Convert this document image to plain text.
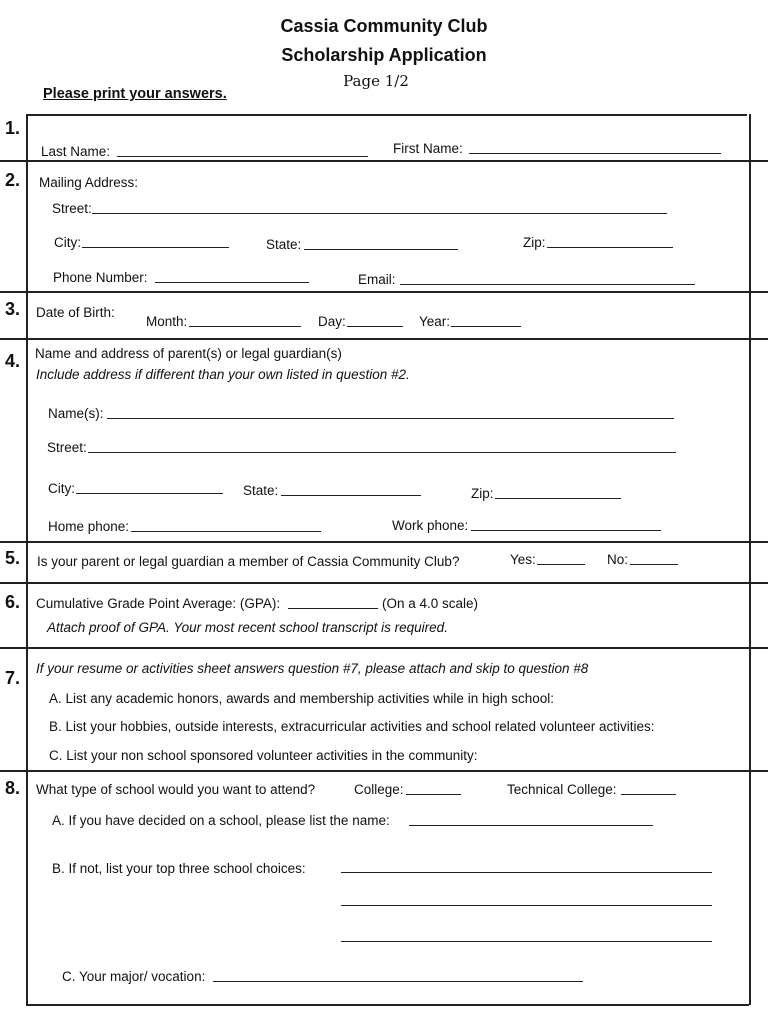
Cassia Community Club
Scholarship Application
Page 1/2
Please print your answers.
1.
Last Name:	First Name:
2. Mailing Address:
Street:
City:	State:	Zip:
Phone Number:	Email:
3. Date of Birth:
Month:	Day:	Year:
4. Name and address of parent(s) or legal guardian(s)
Include address if different than your own listed in question #2.
Name(s):
Street:
City:	State:	Zip:
Home phone:	Work phone:
5. Is your parent or legal guardian a member of Cassia Community Club?	Yes:	No:
6. Cumulative Grade Point Average: (GPA):	(On a 4.0 scale)
Attach proof of GPA. Your most recent school transcript is required.
7. If your resume or activities sheet answers question #7, please attach and skip to question #8
A. List any academic honors, awards and membership activities while in high school:
B. List your hobbies, outside interests, extracurricular activities and school related volunteer activities:
C. List your non school sponsored volunteer activities in the community:
8. What type of school would you want to attend?	College:	Technical College:
A. If you have decided on a school, please list the name:
B. If not, list your top three school choices:
C. Your major/ vocation:
